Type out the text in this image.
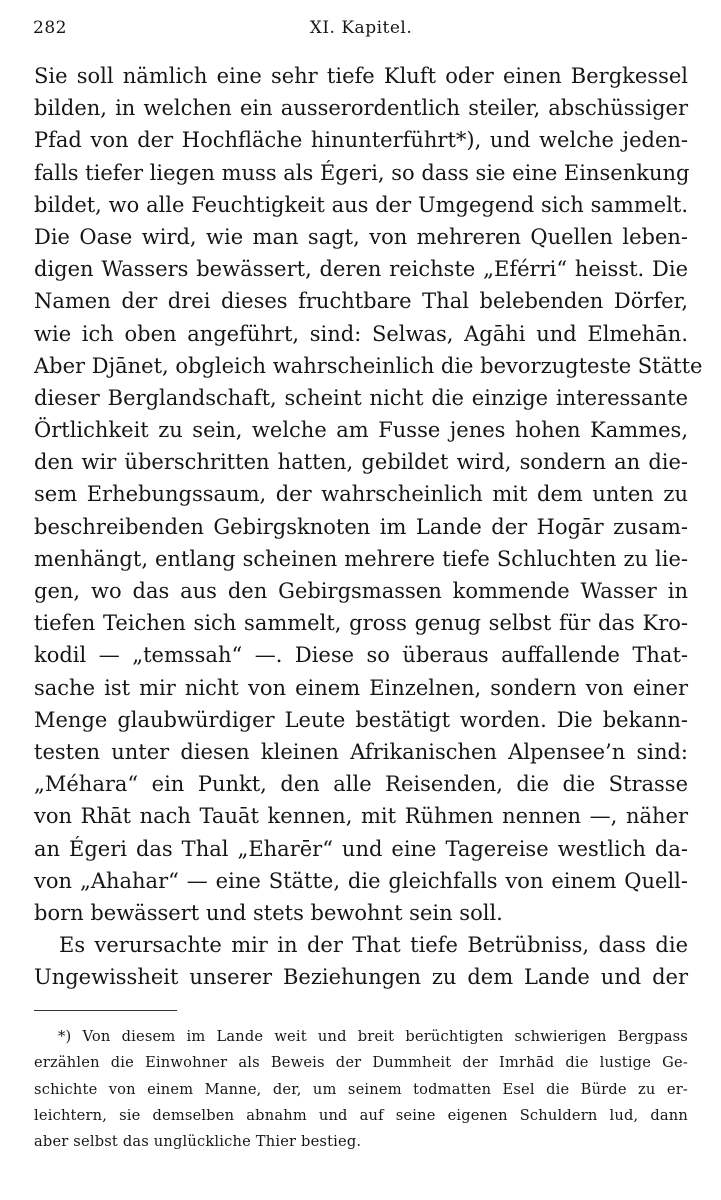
282	XI. Kapitel.
Sie soll nämlich eine sehr tiefe Kluft oder einen Bergkessel
bilden, in welchen ein ausserordentlich steiler, abschüssiger
Pfad von der Hochfläche hinunterführt*), und welche jeden-
falls tiefer liegen muss als Égeri, so dass sie eine Einsenkung
bildet, wo alle Feuchtigkeit aus der Umgegend sich sammelt.
Die Oase wird, wie man sagt, von mehreren Quellen leben-
digen Wassers bewässert, deren reichste „Eférri“ heisst. Die
Namen der drei dieses fruchtbare Thal belebenden Dörfer,
wie ich oben angeführt, sind: Selwas, Agāhi und Elmehān.
Aber Djānet, obgleich wahrscheinlich die bevorzugteste Stätte
dieser Berglandschaft, scheint nicht die einzige interessante
Örtlichkeit zu sein, welche am Fusse jenes hohen Kammes,
den wir überschritten hatten, gebildet wird, sondern an die-
sem Erhebungssaum, der wahrscheinlich mit dem unten zu
beschreibenden Gebirgsknoten im Lande der Hogār zusam-
menhängt, entlang scheinen mehrere tiefe Schluchten zu lie-
gen, wo das aus den Gebirgsmassen kommende Wasser in
tiefen Teichen sich sammelt, gross genug selbst für das Kro-
kodil — „temssah“ —. Diese so überaus auffallende That-
sache ist mir nicht von einem Einzelnen, sondern von einer
Menge glaubwürdiger Leute bestätigt worden. Die bekann-
testen unter diesen kleinen Afrikanischen Alpensee’n sind:
„Méhara“ ein Punkt, den alle Reisenden, die die Strasse
von Rhāt nach Tauāt kennen, mit Rühmen nennen —, näher
an Égeri das Thal „Eharēr“ und eine Tagereise westlich da-
von „Ahahar“ — eine Stätte, die gleichfalls von einem Quell-
born bewässert und stets bewohnt sein soll.
Es verursachte mir in der That tiefe Betrübniss, dass die
Ungewissheit unserer Beziehungen zu dem Lande und der
*) Von diesem im Lande weit und breit berüchtigten schwierigen Bergpass
erzählen die Einwohner als Beweis der Dummheit der Imrhād die lustige Ge-
schichte von einem Manne, der, um seinem todmatten Esel die Bürde zu er-
leichtern, sie demselben abnahm und auf seine eigenen Schuldern lud, dann
aber selbst das unglückliche Thier bestieg.
